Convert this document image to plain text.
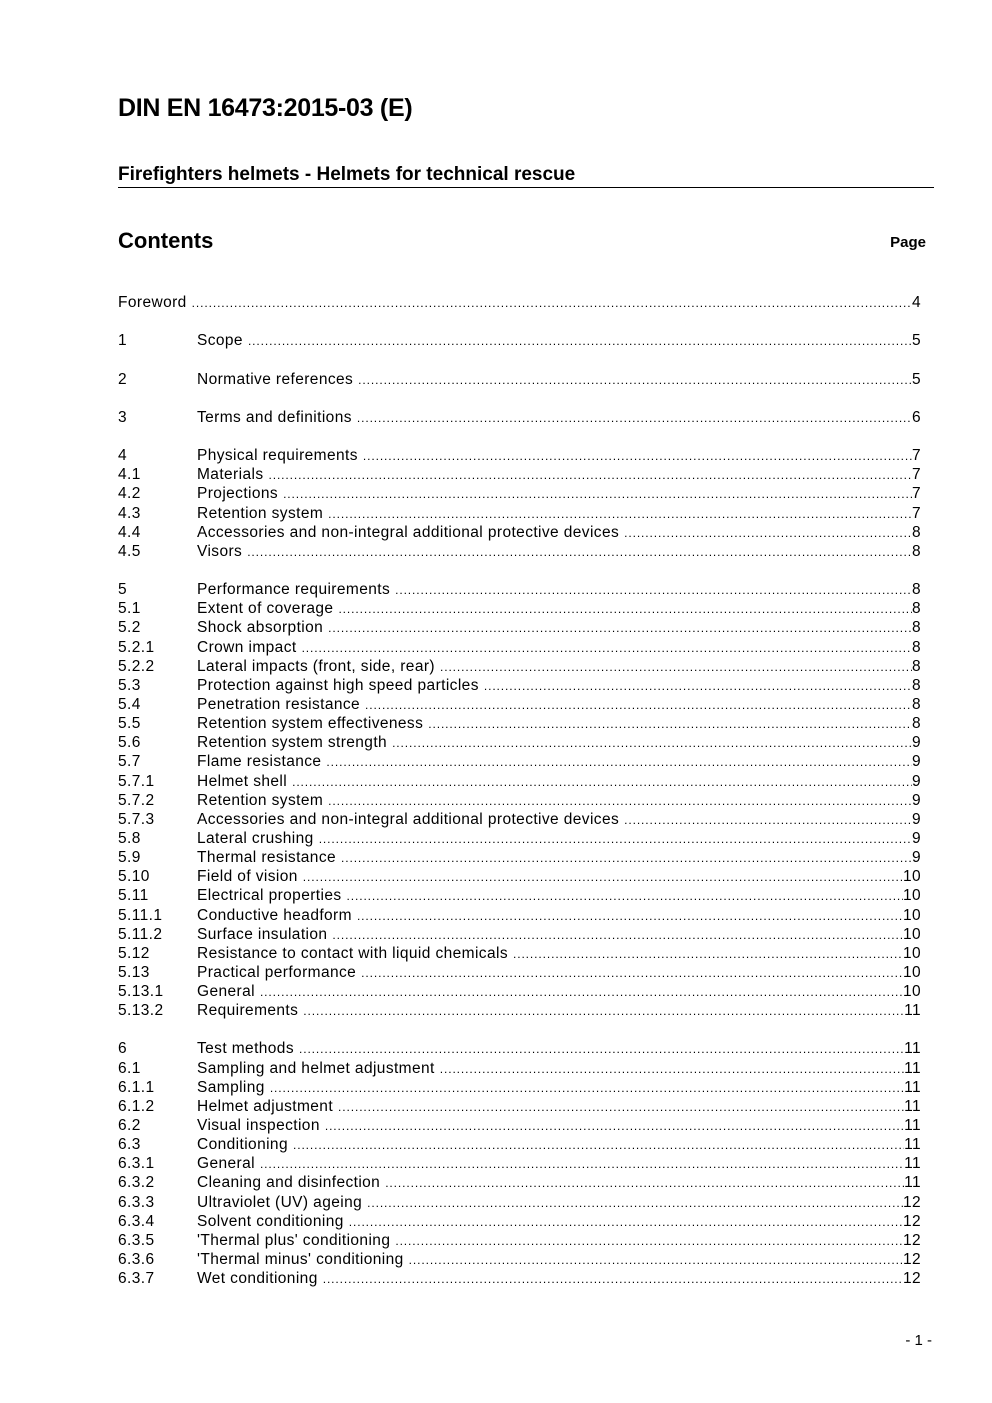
DIN EN 16473:2015-03 (E)
Firefighters helmets - Helmets for technical rescue
Contents	Page
Foreword .....	4
1	Scope .....	5
2	Normative references .....	5
3	Terms and definitions .....	6
4	Physical requirements .....	7
4.1	Materials .....	7
4.2	Projections .....	7
4.3	Retention system .....	7
4.4	Accessories and non-integral additional protective devices .....	8
4.5	Visors .....	8
5	Performance requirements .....	8
5.1	Extent of coverage .....	8
5.2	Shock absorption .....	8
5.2.1	Crown impact .....	8
5.2.2	Lateral impacts (front, side, rear) .....	8
5.3	Protection against high speed particles .....	8
5.4	Penetration resistance .....	8
5.5	Retention system effectiveness .....	8
5.6	Retention system strength .....	9
5.7	Flame resistance .....	9
5.7.1	Helmet shell .....	9
5.7.2	Retention system .....	9
5.7.3	Accessories and non-integral additional protective devices .....	9
5.8	Lateral crushing .....	9
5.9	Thermal resistance .....	9
5.10	Field of vision .....	10
5.11	Electrical properties .....	10
5.11.1	Conductive headform .....	10
5.11.2	Surface insulation .....	10
5.12	Resistance to contact with liquid chemicals .....	10
5.13	Practical performance .....	10
5.13.1	General .....	10
5.13.2	Requirements .....	11
6	Test methods .....	11
6.1	Sampling and helmet adjustment .....	11
6.1.1	Sampling .....	11
6.1.2	Helmet adjustment .....	11
6.2	Visual inspection .....	11
6.3	Conditioning .....	11
6.3.1	General .....	11
6.3.2	Cleaning and disinfection .....	11
6.3.3	Ultraviolet (UV) ageing .....	12
6.3.4	Solvent conditioning .....	12
6.3.5	'Thermal plus' conditioning .....	12
6.3.6	'Thermal minus' conditioning .....	12
6.3.7	Wet conditioning .....	12
- 1 -
